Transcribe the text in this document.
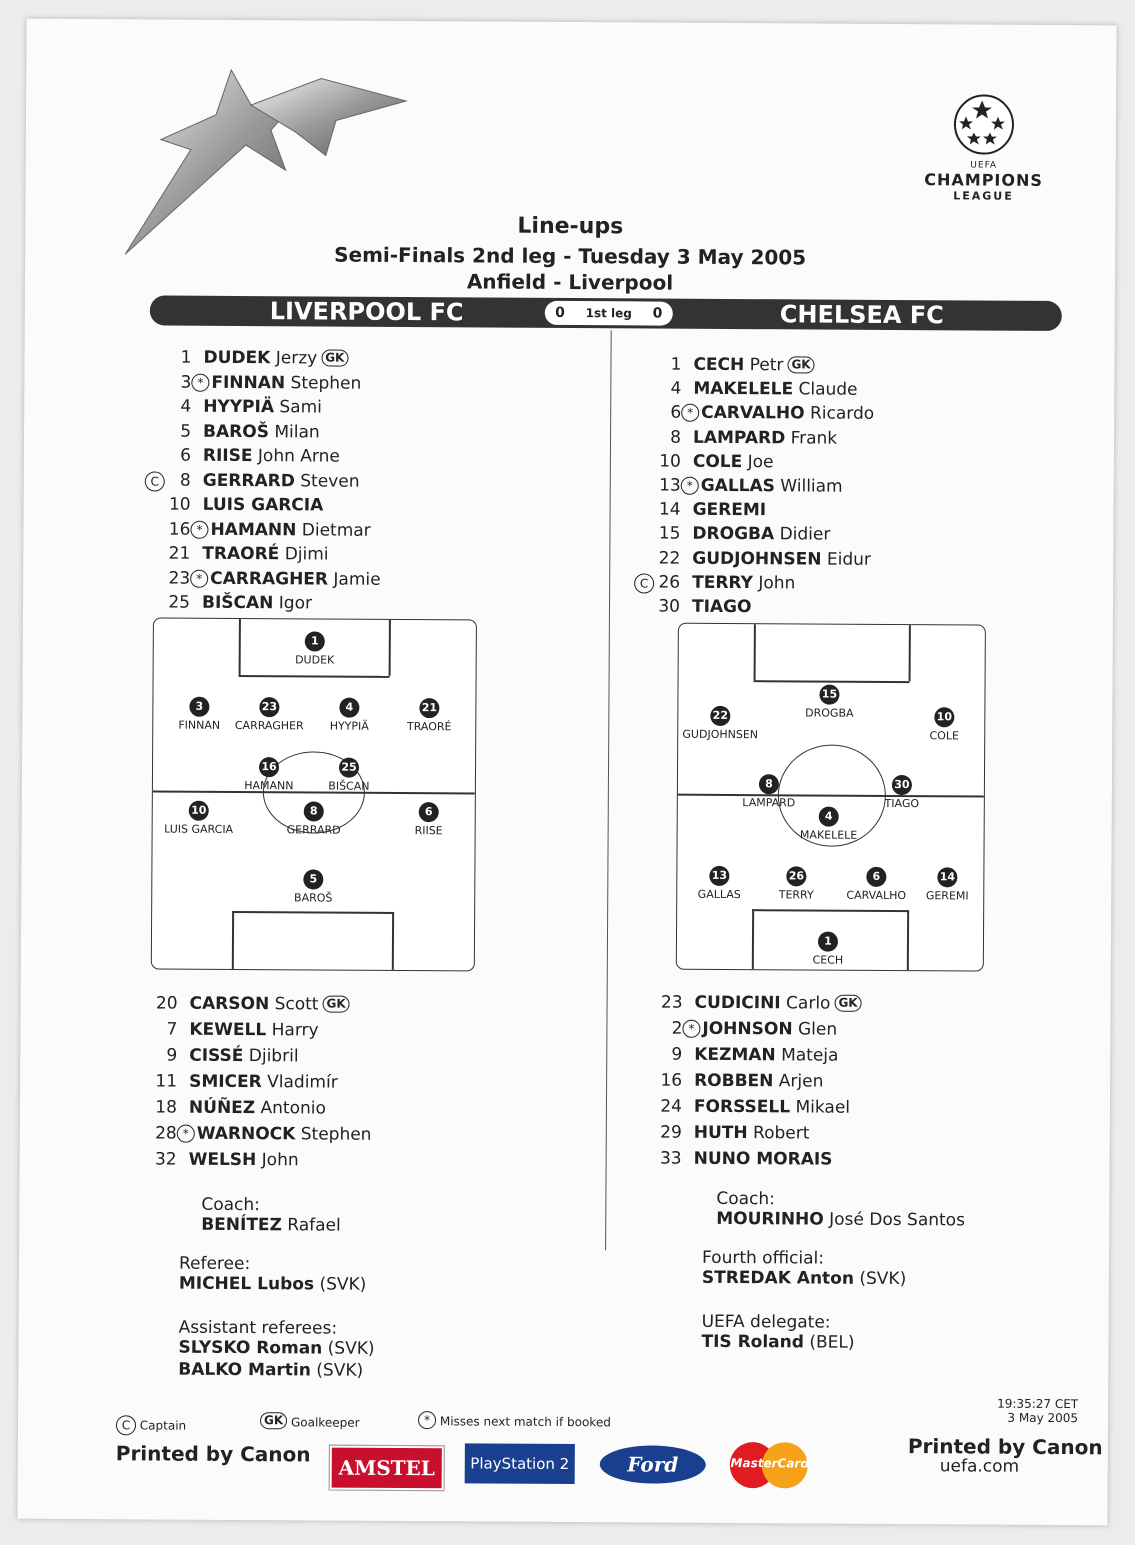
UEFA
CHAMPIONS
LEAGUE
Line-ups
Semi-Finals 2nd leg - Tuesday 3 May 2005
Anfield - Liverpool
LIVERPOOL FC	0 1st leg 0	CHELSEA FC
1 DUDEK Jerzy GK
3 * FINNAN Stephen
4 HYYPIÄ Sami
5 BAROŠ Milan
6 RIISE John Arne
C	8 GERRARD Steven
10 LUIS GARCIA
16 * HAMANN Dietmar
21 TRAORÉ Djimi
23 * CARRAGHER Jamie
25 BIŠCAN Igor
1 CECH Petr GK
4 MAKELELE Claude
6 * CARVALHO Ricardo
8 LAMPARD Frank
10 COLE Joe
13 * GALLAS William
14 GEREMI
15 DROGBA Didier
22 GUDJOHNSEN Eidur
C 26 TERRY John
30 TIAGO
1
DUDEK
3
FINNAN
23
CARRAGHER
4
HYYPIÄ
21
TRAORÉ
16
HAMANN
25
BIŠCAN
10
LUIS GARCIA
8
GERRARD
6
RIISE
5
BAROŠ
15
DROGBA
22
GUDJOHNSEN
10
COLE
8
LAMPARD
30
TIAGO
4
MAKELELE
13
GALLAS
26
TERRY
6
CARVALHO
14
GEREMI
1
CECH
20 CARSON Scott GK
7 KEWELL Harry
9 CISSÉ Djibril
11 SMICER Vladimír
18 NÚÑEZ Antonio
28 * WARNOCK Stephen
32 WELSH John
23 CUDICINI Carlo GK
2 * JOHNSON Glen
9 KEZMAN Mateja
16 ROBBEN Arjen
24 FORSSELL Mikael
29 HUTH Robert
33 NUNO MORAIS
Coach:
BENÍTEZ Rafael
Referee:
MICHEL Lubos (SVK)
Assistant referees:
SLYSKO Roman (SVK)
BALKO Martin (SVK)
Coach:
MOURINHO José Dos Santos
Fourth official:
STREDAK Anton (SVK)
UEFA delegate:
TIS Roland (BEL)
19:35:27 CET
3 May 2005
C Captain	GK Goalkeeper	* Misses next match if booked
Printed by Canon	Printed by Canon
uefa.com
AMSTEL	PlayStation 2	Ford	MasterCard
